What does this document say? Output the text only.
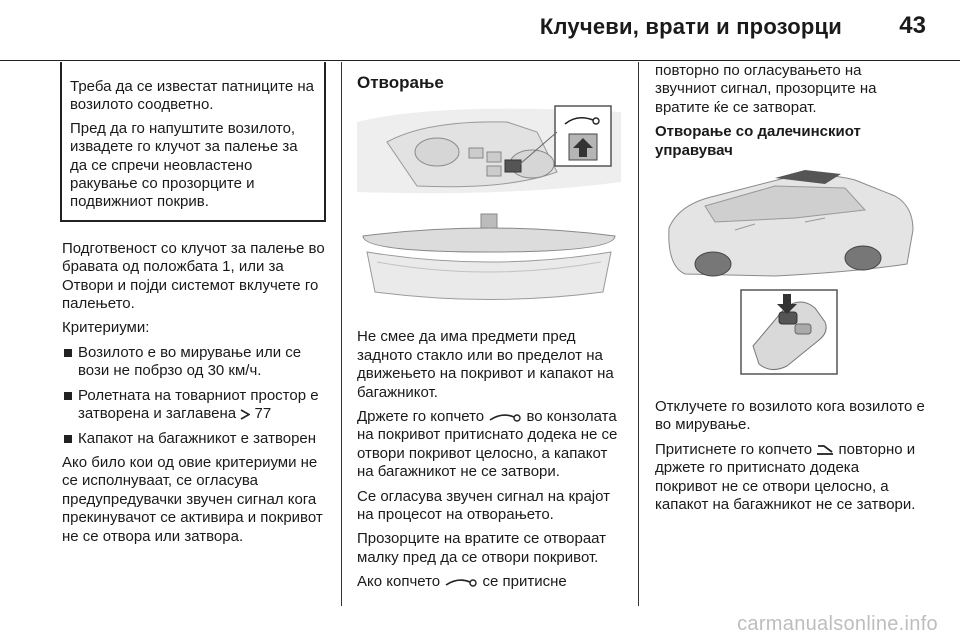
Клучеви, врати и прозорци 43

Треба да се известат патниците на возилото соодветно.

Пред да го напуштите возилото, извадете го клучот за палење за да се спречи неовластено ракување со прозорците и подвижниот покрив.

Подготвеност со клучот за палење во бравата од положбата 1, или за Отвори и појди системот вклучете го палењето.

Критериуми:

Возилото е во мирување или се вози не побрзо од 30 км/ч.
Ролетната на товарниот простор е затворена и заглавена 77
Капакот на багажникот е затворен

Ако било кои од овие критериуми не се исполнуваат, се огласува предупредувачки звучен сигнал кога прекинувачот се активира и покривот не се отвора или затвора.

Отворање

Не смее да има предмети пред задното стакло или во пределот на движењето на покривот и капакот на багажникот.

Држете го копчето	во конзолата на покривот притиснато додека не се отвори покривот целосно, а капакот на багажникот не се затвори.

Се огласува звучен сигнал на крајот на процесот на отворањето.

Прозорците на вратите се отвораат малку пред да се отвори покривот.

Ако копчето	се притисне

повторно по огласувањето на звучниот сигнал, прозорците на вратите ќе се затворат.

Отворање со далечинскиот управувач

Отклучете го возилото кога возилото е во мирување.

Притиснете го копчето повторно и држете го притиснато додека покривот не се отвори целосно, а капакот на багажникот не се затвори.

carmanualsonline.info
